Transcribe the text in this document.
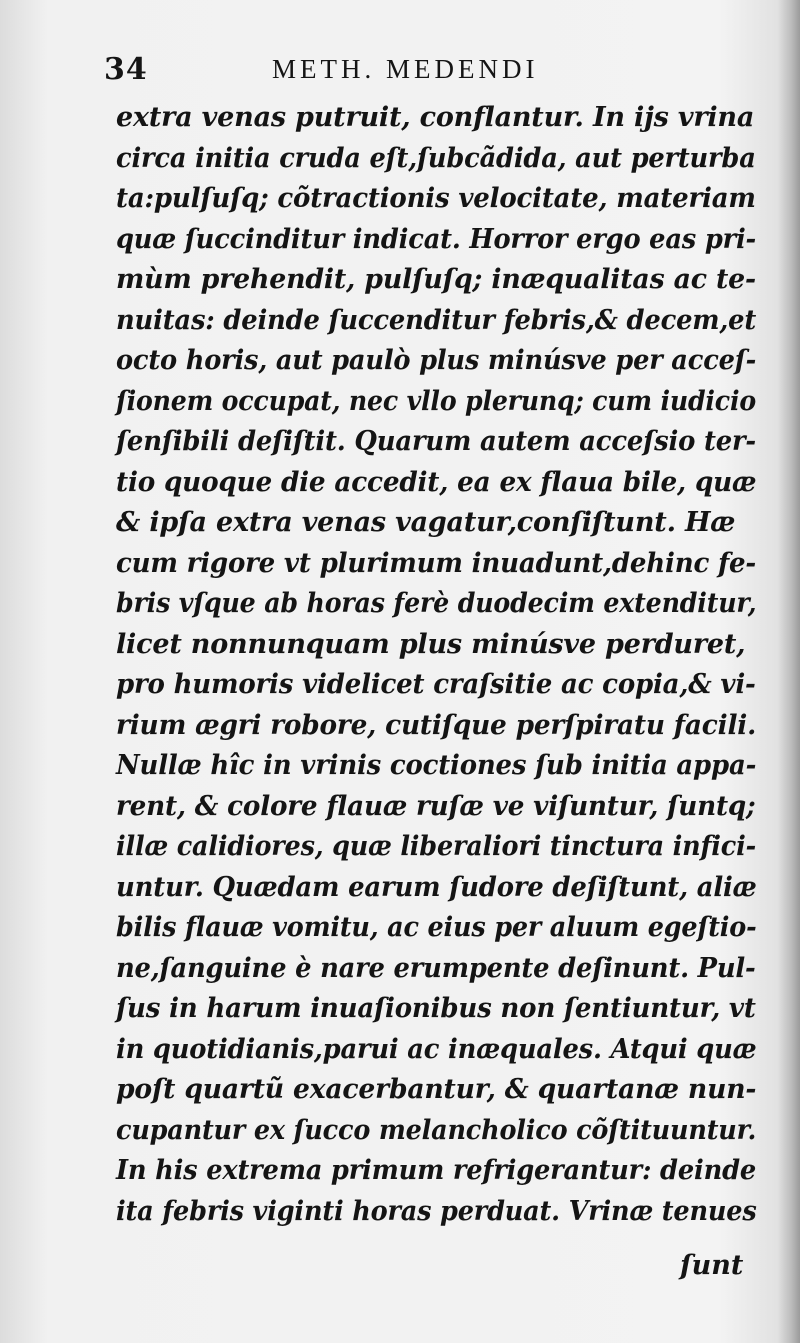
34	METH. MEDENDI
extra venas putruit, conflantur. In ijs vrina
circa initia cruda eſt,ſubcãdida, aut perturba
ta:pulſuſq; cõtractionis velocitate, materiam
quæ ſuccinditur indicat. Horror ergo eas pri-
mùm prehendit, pulſuſq; inæqualitas ac te-
nuitas: deinde ſuccenditur febris,& decem,et
octo horis, aut paulò plus minúsve per acceſ-
ſionem occupat, nec vllo plerunq; cum iudicio
ſenſibili deſiſtit. Quarum autem acceſsio ter-
tio quoque die accedit, ea ex flaua bile, quæ
& ipſa extra venas vagatur,conſiſtunt. Hæ
cum rigore vt plurimum inuadunt,dehinc fe-
bris vſque ab horas ferè duodecim extenditur,
licet nonnunquam plus minúsve perduret,
pro humoris videlicet craſsitie ac copia,& vi-
rium ægri robore, cutiſque perſpiratu facili.
Nullæ hîc in vrinis coctiones ſub initia appa-
rent, & colore flauæ ruſæ ve viſuntur, ſuntq;
illæ calidiores, quæ liberaliori tinctura infici-
untur. Quædam earum ſudore deſiſtunt, aliæ
bilis flauæ vomitu, ac eius per aluum egeſtio-
ne,ſanguine è nare erumpente deſinunt. Pul-
ſus in harum inuaſionibus non ſentiuntur, vt
in quotidianis,parui ac inæquales. Atqui quæ
poſt quartũ exacerbantur, & quartanæ nun-
cupantur ex ſucco melancholico cõſtituuntur.
In his extrema primum refrigerantur: deinde
ita febris viginti horas perduat. Vrinæ tenues
ſunt
